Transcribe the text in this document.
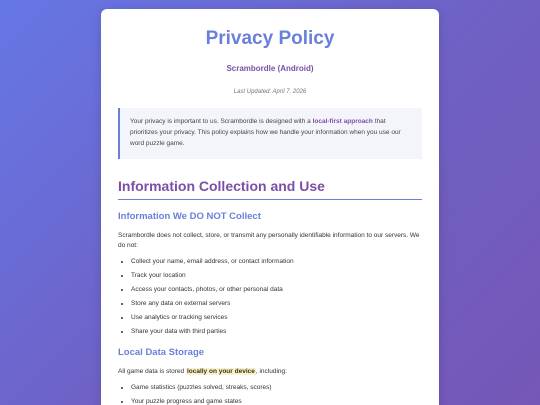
Privacy Policy
Scrambordle (Android)
Last Updated: April 7, 2026
Your privacy is important to us. Scrambordle is designed with a local-first approach that prioritizes your privacy. This policy explains how we handle your information when you use our word puzzle game.
Information Collection and Use
Information We DO NOT Collect
Scrambordle does not collect, store, or transmit any personally identifiable information to our servers. We do not:
• Collect your name, email address, or contact information
• Track your location
• Access your contacts, photos, or other personal data
• Store any data on external servers
• Use analytics or tracking services
• Share your data with third parties
Local Data Storage
All game data is stored locally on your device, including:
• Game statistics (puzzles solved, streaks, scores)
• Your puzzle progress and game states
